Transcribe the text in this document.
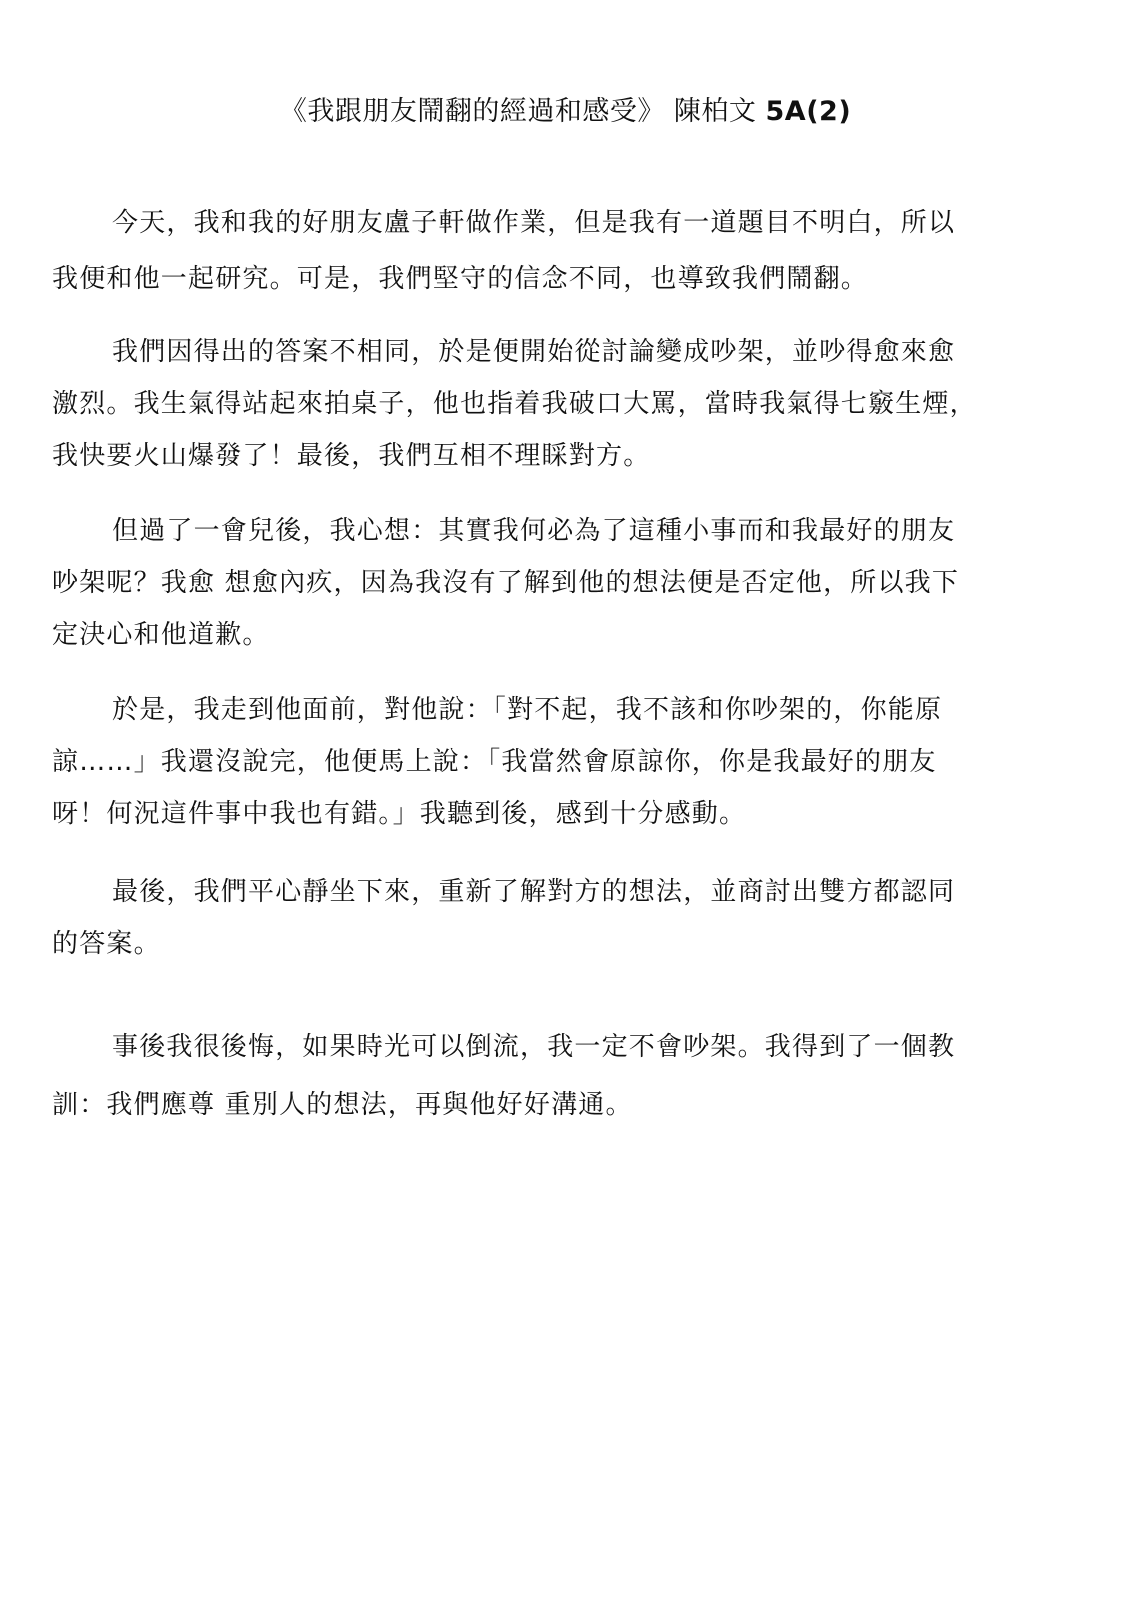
《我跟朋友鬧翻的經過和感受》 陳柏文 5A(2)
今天，我和我的好朋友盧子軒做作業，但是我有一道題目不明白，所以
我便和他一起研究。可是，我們堅守的信念不同，也導致我們鬧翻。
我們因得出的答案不相同，於是便開始從討論變成吵架，並吵得愈來愈
激烈。我生氣得站起來拍桌子，他也指着我破口大罵，當時我氣得七竅生煙，
我快要火山爆發了！最後，我們互相不理睬對方。
但過了一會兒後，我心想：其實我何必為了這種小事而和我最好的朋友
吵架呢？我愈 想愈內疚，因為我沒有了解到他的想法便是否定他，所以我下
定決心和他道歉。
於是，我走到他面前，對他說：「對不起，我不該和你吵架的，你能原
諒……」我還沒說完，他便馬上說：「我當然會原諒你，你是我最好的朋友
呀！何況這件事中我也有錯。」我聽到後，感到十分感動。
最後，我們平心靜坐下來，重新了解對方的想法，並商討出雙方都認同
的答案。
事後我很後悔，如果時光可以倒流，我一定不會吵架。我得到了一個教
訓：我們應尊 重別人的想法，再與他好好溝通。
